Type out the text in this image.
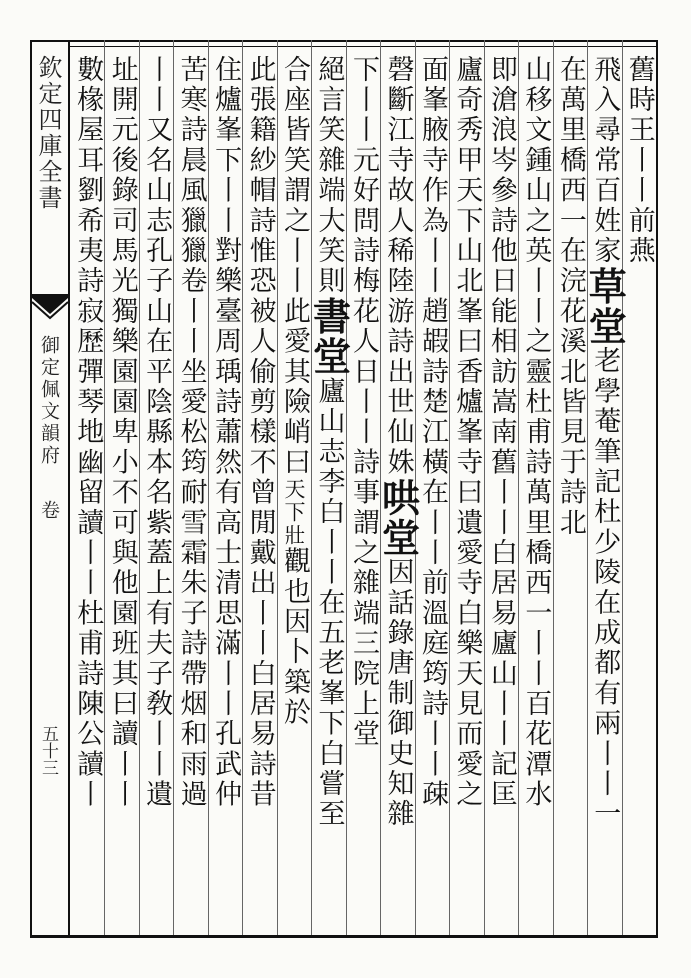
欽定四庫全書
御定佩文韻府
卷
五十三
舊時王丨丨前燕
飛入尋常百姓家草堂老學菴筆記杜少陵在成都有兩丨丨一
在萬里橋西一在浣花溪北皆見于詩北
山移文鍾山之英丨丨之靈杜甫詩萬里橋西一丨丨百花潭水
即滄浪岑參詩他日能相訪嵩南舊丨丨白居易廬山丨丨記匡
廬奇秀甲天下山北峯曰香爐峯寺曰遺愛寺白樂天見而愛之
面峯腋寺作為丨丨趙嘏詩楚江橫在丨丨前溫庭筠詩丨丨疎
磬斷江寺故人稀陸游詩出世仙姝哄堂因話錄唐制御史知雜
下丨丨元好問詩梅花人日丨丨詩事謂之雜端三院上堂
絕言笑雜端大笑則書堂廬山志李白丨丨在五老峯下白嘗至
合座皆笑謂之丨丨此愛其險峭曰天下壯觀也因卜築於
此張籍紗帽詩惟恐被人偷剪樣不曾閒戴出丨丨白居易詩昔
住爐峯下丨丨對樂臺周瑀詩蕭然有高士清思滿丨丨孔武仲
苦寒詩晨風獵獵卷丨丨坐愛松筠耐雪霜朱子詩帶烟和雨過
丨丨又名山志孔子山在平陰縣本名紫蓋上有夫子敎丨丨遺
址開元後錄司馬光獨樂園園卑小不可與他園班其曰讀丨丨
數椽屋耳劉希夷詩寂歷彈琴地幽留讀丨丨杜甫詩陳公讀丨
